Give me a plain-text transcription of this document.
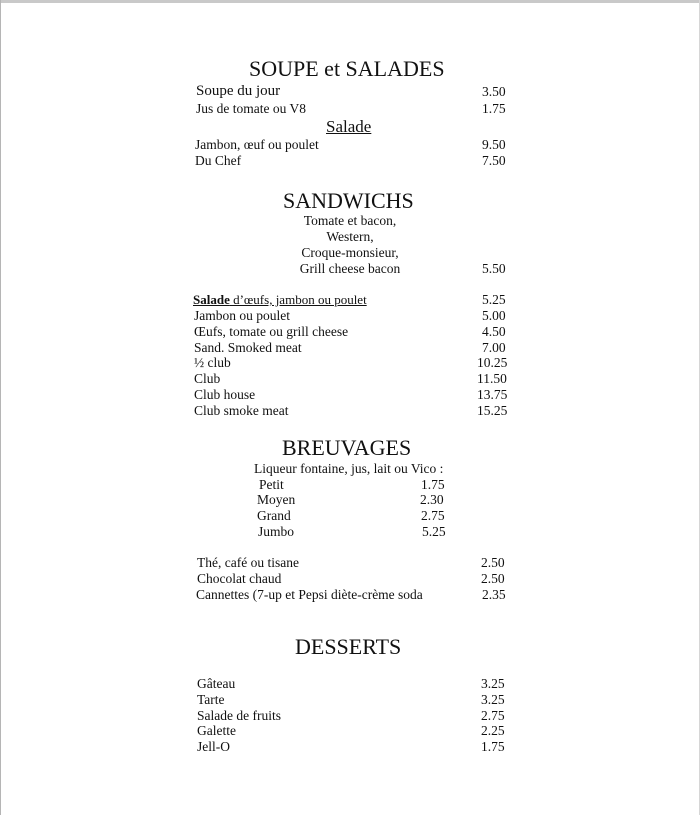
SOUPE et SALADES
Soupe du jour	3.50
Jus de tomate ou V8	1.75
Salade
Jambon, œuf ou poulet	9.50
Du Chef	7.50
SANDWICHS
Tomate et bacon,
Western,
Croque-monsieur,
Grill cheese bacon	5.50
Salade d’œufs, jambon ou poulet	5.25
Jambon ou poulet	5.00
Œufs, tomate ou grill cheese	4.50
Sand. Smoked meat	7.00
½ club	10.25
Club	11.50
Club house	13.75
Club smoke meat	15.25
BREUVAGES
Liqueur fontaine, jus, lait ou Vico :
Petit	1.75
Moyen	2.30
Grand	2.75
Jumbo	5.25
Thé, café ou tisane	2.50
Chocolat chaud	2.50
Cannettes (7-up et Pepsi diète-crème soda	2.35
DESSERTS
Gâteau	3.25
Tarte	3.25
Salade de fruits	2.75
Galette	2.25
Jell-O	1.75
